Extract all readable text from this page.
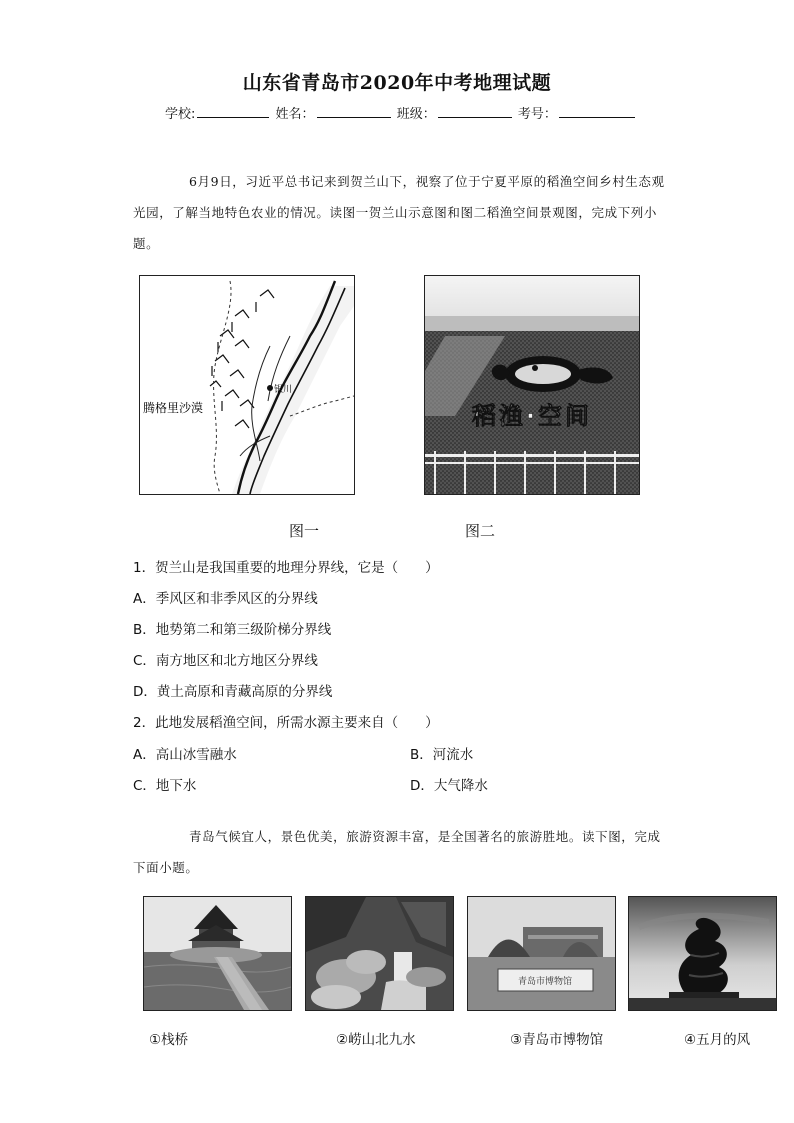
山东省青岛市2020年中考地理试题
学校:	姓名：	班级：	考号：
6月9日，习近平总书记来到贺兰山下，视察了位于宁夏平原的稻渔空间乡村生态观光园，了解当地特色农业的情况。读图一贺兰山示意图和图二稻渔空间景观图，完成下列小题。
银川
腾格里沙漠	稻渔·空间
图一	图二
1．贺兰山是我国重要的地理分界线，它是（　　）
A．季风区和非季风区的分界线
B．地势第二和第三级阶梯分界线
C．南方地区和北方地区分界线
D．黄土高原和青藏高原的分界线
2．此地发展稻渔空间，所需水源主要来自（　　）
A．高山冰雪融水	B．河流水
C．地下水	D．大气降水
青岛气候宜人，景色优美，旅游资源丰富，是全国著名的旅游胜地。读下图，完成下面小题。
青岛市博物馆
①栈桥	②崂山北九水	③青岛市博物馆	④五月的风
